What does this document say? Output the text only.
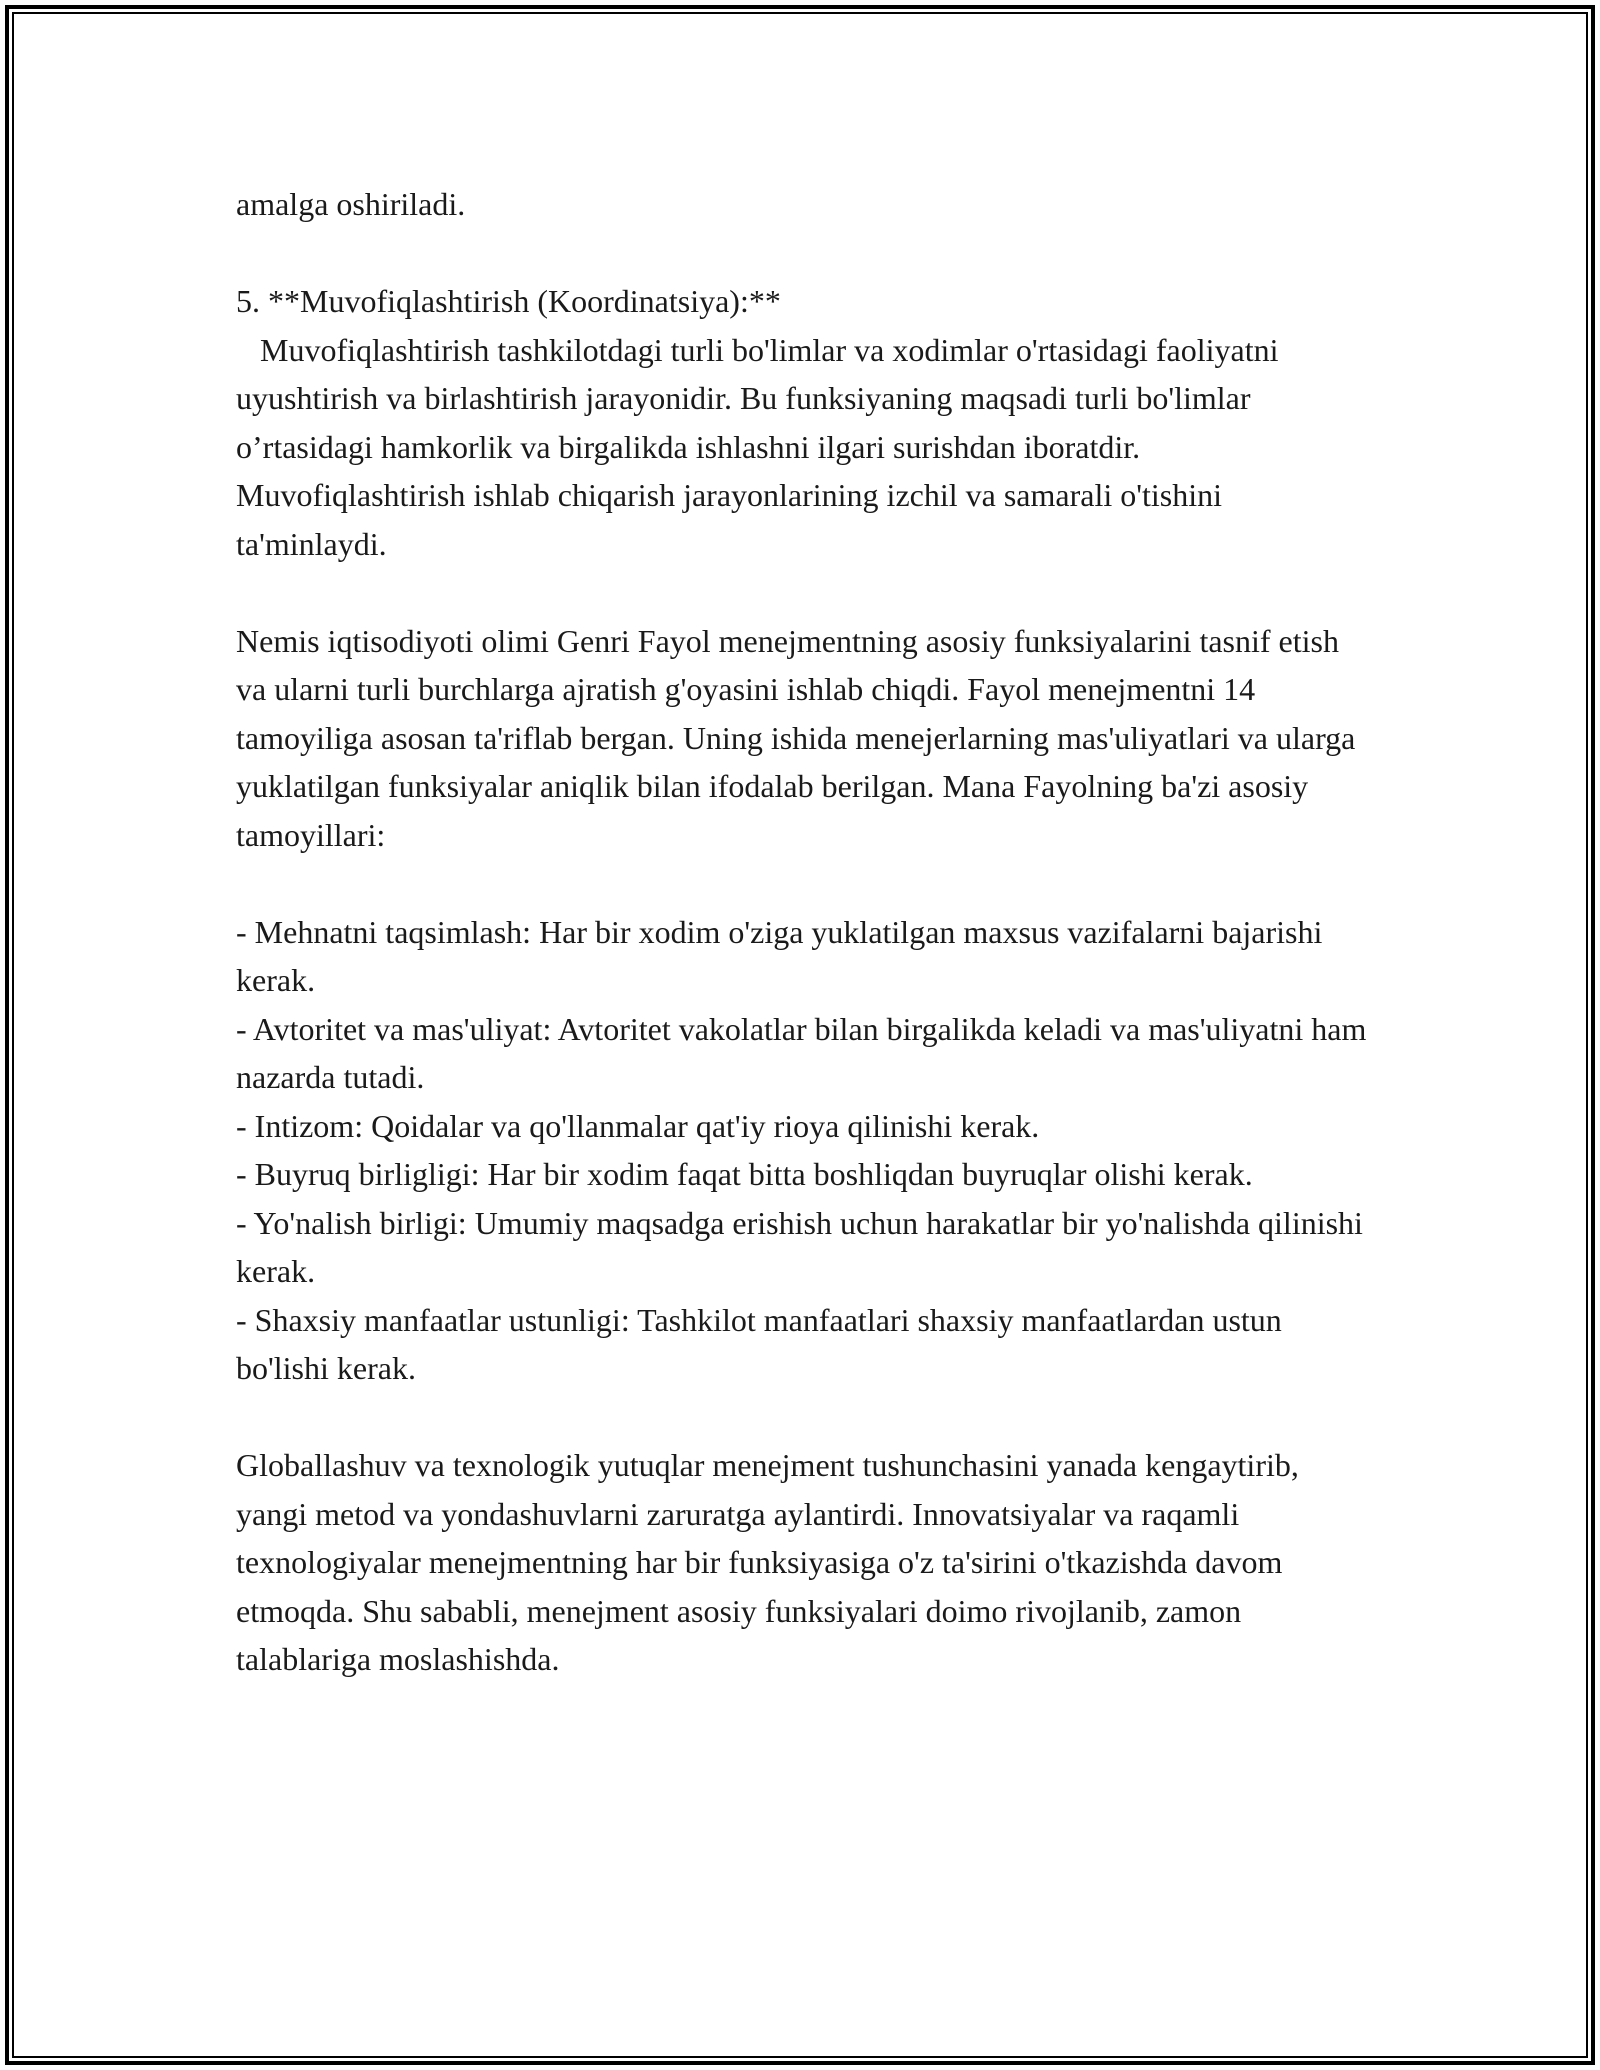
amalga oshiriladi.

5. **Muvofiqlashtirish (Koordinatsiya):**

Muvofiqlashtirish tashkilotdagi turli bo'limlar va xodimlar o'rtasidagi faoliyatni uyushtirish va birlashtirish jarayonidir. Bu funksiyaning maqsadi turli bo'limlar o’rtasidagi hamkorlik va birgalikda ishlashni ilgari surishdan iboratdir. Muvofiqlashtirish ishlab chiqarish jarayonlarining izchil va samarali o'tishini ta'minlaydi.

Nemis iqtisodiyoti olimi Genri Fayol menejmentning asosiy funksiyalarini tasnif etish va ularni turli burchlarga ajratish g'oyasini ishlab chiqdi. Fayol menejmentni 14 tamoyiliga asosan ta'riflab bergan. Uning ishida menejerlarning mas'uliyatlari va ularga yuklatilgan funksiyalar aniqlik bilan ifodalab berilgan. Mana Fayolning ba'zi asosiy tamoyillari:

- Mehnatni taqsimlash: Har bir xodim o'ziga yuklatilgan maxsus vazifalarni bajarishi kerak.

- Avtoritet va mas'uliyat: Avtoritet vakolatlar bilan birgalikda keladi va mas'uliyatni ham nazarda tutadi.

- Intizom: Qoidalar va qo'llanmalar qat'iy rioya qilinishi kerak.

- Buyruq birligligi: Har bir xodim faqat bitta boshliqdan buyruqlar olishi kerak.

- Yo'nalish birligi: Umumiy maqsadga erishish uchun harakatlar bir yo'nalishda qilinishi kerak.

- Shaxsiy manfaatlar ustunligi: Tashkilot manfaatlari shaxsiy manfaatlardan ustun bo'lishi kerak.

Globallashuv va texnologik yutuqlar menejment tushunchasini yanada kengaytirib, yangi metod va yondashuvlarni zaruratga aylantirdi. Innovatsiyalar va raqamli texnologiyalar menejmentning har bir funksiyasiga o'z ta'sirini o'tkazishda davom etmoqda. Shu sababli, menejment asosiy funksiyalari doimo rivojlanib, zamon talablariga moslashishda.
